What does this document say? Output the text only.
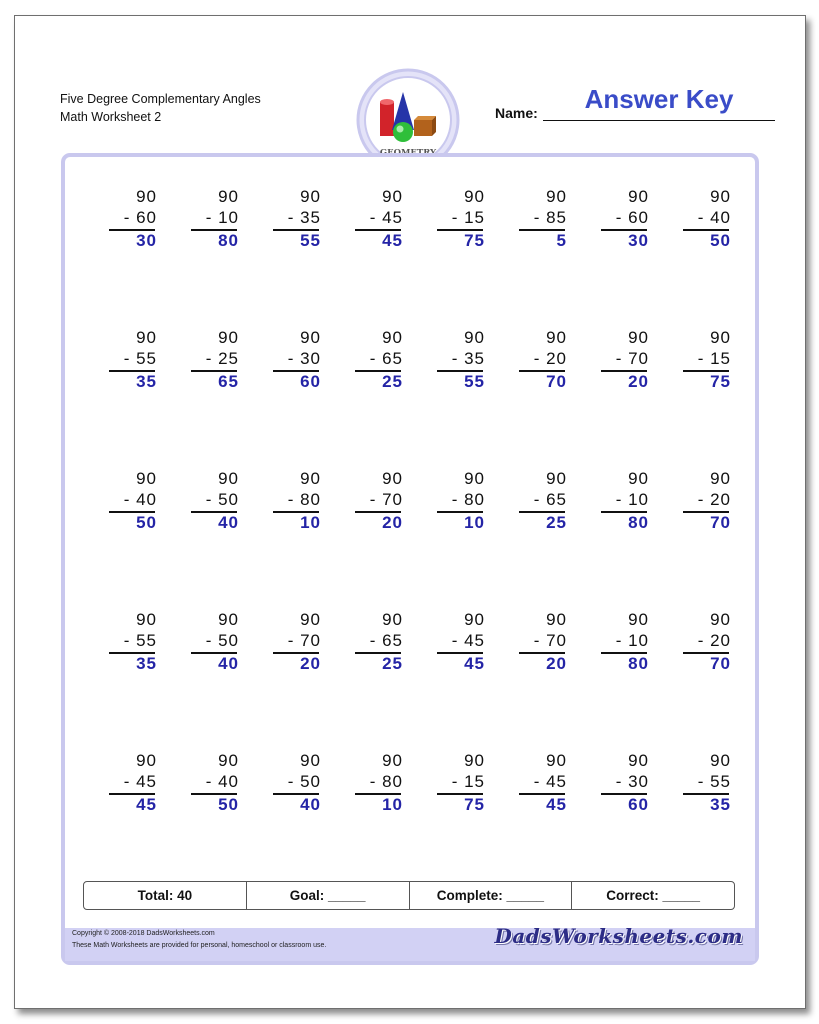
Five Degree Complementary Angles
Math Worksheet 2	Name:	Answer Key
90
- 60
30
90
- 10
80
90
- 35
55
90
- 45
45
90
- 15
75
90
- 85
5
90
- 60
30
90
- 40
50
90
- 55
35
90
- 25
65
90
- 30
60
90
- 65
25
90
- 35
55
90
- 20
70
90
- 70
20
90
- 15
75
90
- 40
50
90
- 50
40
90
- 80
10
90
- 70
20
90
- 80
10
90
- 65
25
90
- 10
80
90
- 20
70
90
- 55
35
90
- 50
40
90
- 70
20
90
- 65
25
90
- 45
45
90
- 70
20
90
- 10
80
90
- 20
70
90
- 45
45
90
- 40
50
90
- 50
40
90
- 80
10
90
- 15
75
90
- 45
45
90
- 30
60
90
- 55
35
Total: 40	Goal: _____	Complete: _____	Correct: _____
Copyright © 2008-2018 DadsWorksheets.com
These Math Worksheets are provided for personal, homeschool or classroom use.	DadsWorksheets.com
